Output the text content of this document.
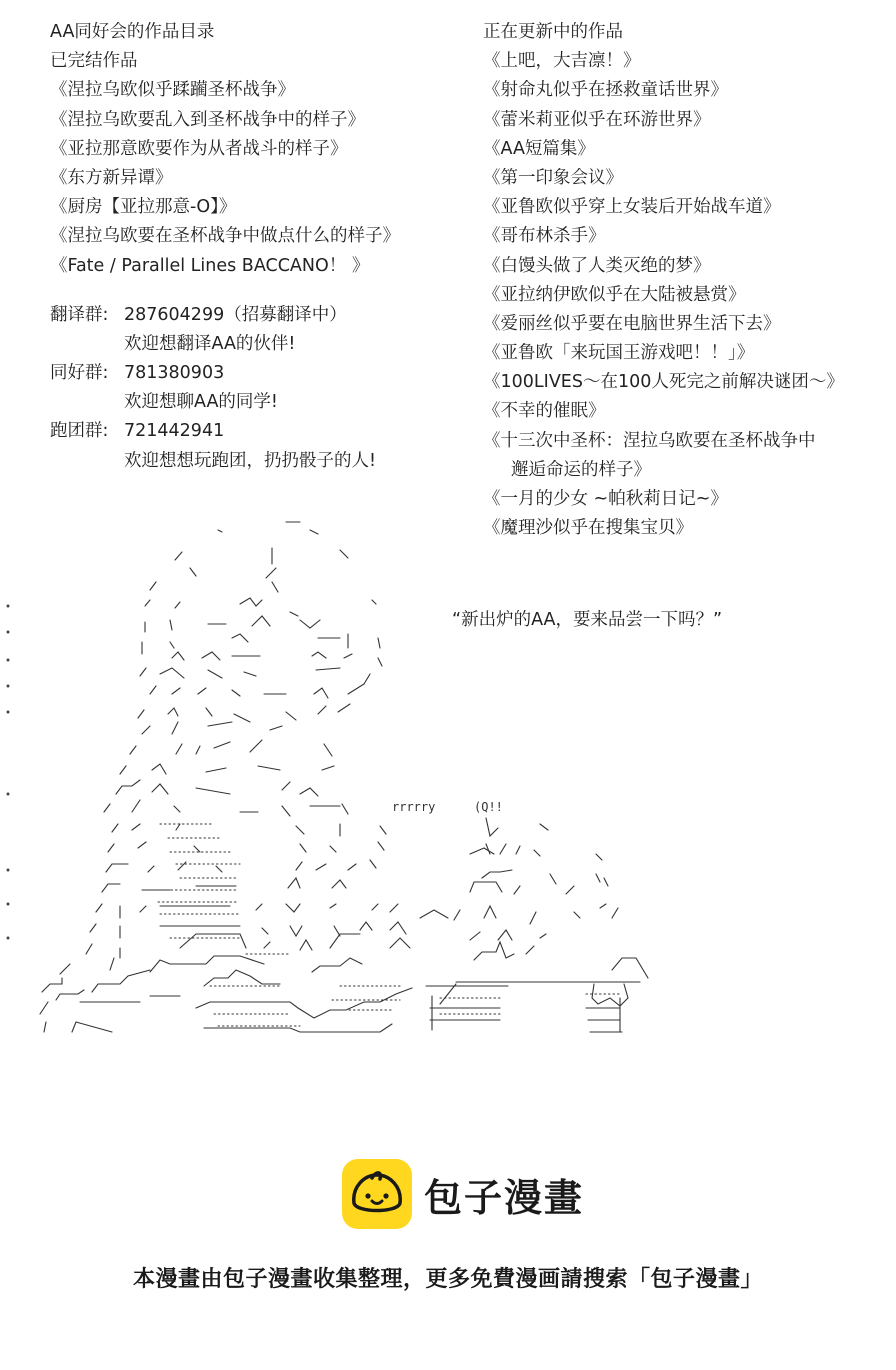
AA同好会的作品目录
已完结作品
《涅拉乌欧似乎蹂躏圣杯战争》
《涅拉乌欧要乱入到圣杯战争中的样子》
《亚拉那意欧要作为从者战斗的样子》
《东方新异谭》
《厨房【亚拉那意-O】》
《涅拉乌欧要在圣杯战争中做点什么的样子》
《Fate / Parallel Lines BACCANO！ 》
翻译群: 287604299（招募翻译中）
欢迎想翻译AA的伙伴!
同好群: 781380903
欢迎想聊AA的同学!
跑团群: 721442941
欢迎想想玩跑团，扔扔骰子的人!
正在更新中的作品
《上吧，大吉凛！》
《射命丸似乎在拯救童话世界》
《蕾米莉亚似乎在环游世界》
《AA短篇集》
《第一印象会议》
《亚鲁欧似乎穿上女装后开始战车道》
《哥布林杀手》
《白馒头做了人类灭绝的梦》
《亚拉纳伊欧似乎在大陆被悬赏》
《爱丽丝似乎要在电脑世界生活下去》
《亚鲁欧「来玩国王游戏吧！！」》
《100LIVES～在100人死完之前解决谜团～》
《不幸的催眠》
《十三次中圣杯：涅拉乌欧要在圣杯战争中
邂逅命运的样子》
《一月的少女 ~帕秋莉日记~》
《魔理沙似乎在搜集宝贝》
“新出炉的AA，要来品尝一下吗？”
rrrrry	(Q!!
包子漫畫
本漫畫由包子漫畫收集整理，更多免費漫画請搜索「包子漫畫」
